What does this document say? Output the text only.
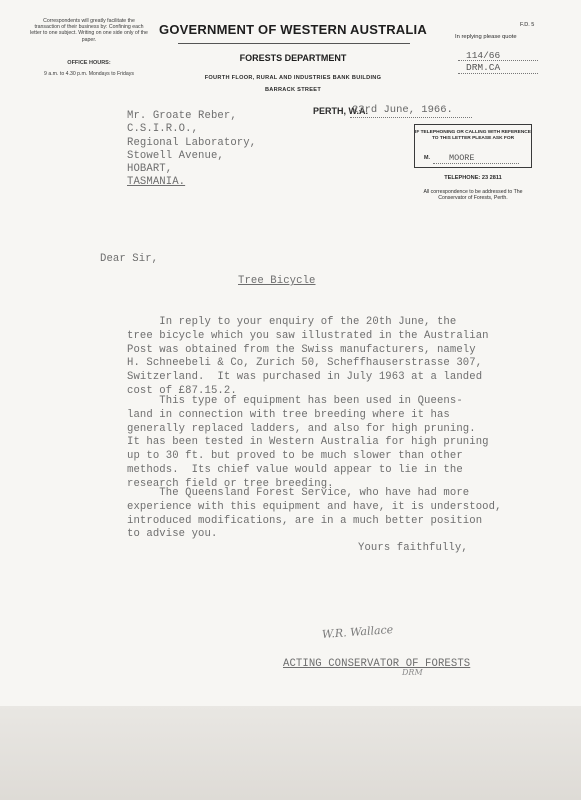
Correspondents will greatly facilitate the transaction of their business by: Confining each letter to one subject. Writing on one side only of the paper.
OFFICE HOURS:
9 a.m. to 4.30 p.m. Mondays to Fridays
GOVERNMENT OF WESTERN AUSTRALIA
FORESTS DEPARTMENT
FOURTH FLOOR, RURAL AND INDUSTRIES BANK BUILDING
BARRACK STREET
F.D. 5
In replying please quote
114/66
DRM.CA
PERTH, W.A.
23rd June, 1966.
IF TELEPHONING OR CALLING WITH REFERENCE TO THIS LETTER PLEASE ASK FOR
M. MOORE
TELEPHONE: 23 2811
All correspondence to be addressed to The Conservator of Forests, Perth.
Mr. Groate Reber,
C.S.I.R.O.,
Regional Laboratory,
Stowell Avenue,
HOBART,
TASMANIA.
Dear Sir,
Tree Bicycle
In reply to your enquiry of the 20th June, the
tree bicycle which you saw illustrated in the Australian
Post was obtained from the Swiss manufacturers, namely
H. Schneebeli & Co, Zurich 50, Scheffhauserstrasse 307,
Switzerland.  It was purchased in July 1963 at a landed
cost of £87.15.2.
This type of equipment has been used in Queens-
land in connection with tree breeding where it has
generally replaced ladders, and also for high pruning.
It has been tested in Western Australia for high pruning
up to 30 ft. but proved to be much slower than other
methods.  Its chief value would appear to lie in the
research field or tree breeding.
The Queensland Forest Service, who have had more
experience with this equipment and have, it is understood,
introduced modifications, are in a much better position
to advise you.
Yours faithfully,
W.R. Wallace
ACTING CONSERVATOR OF FORESTS
DRM
